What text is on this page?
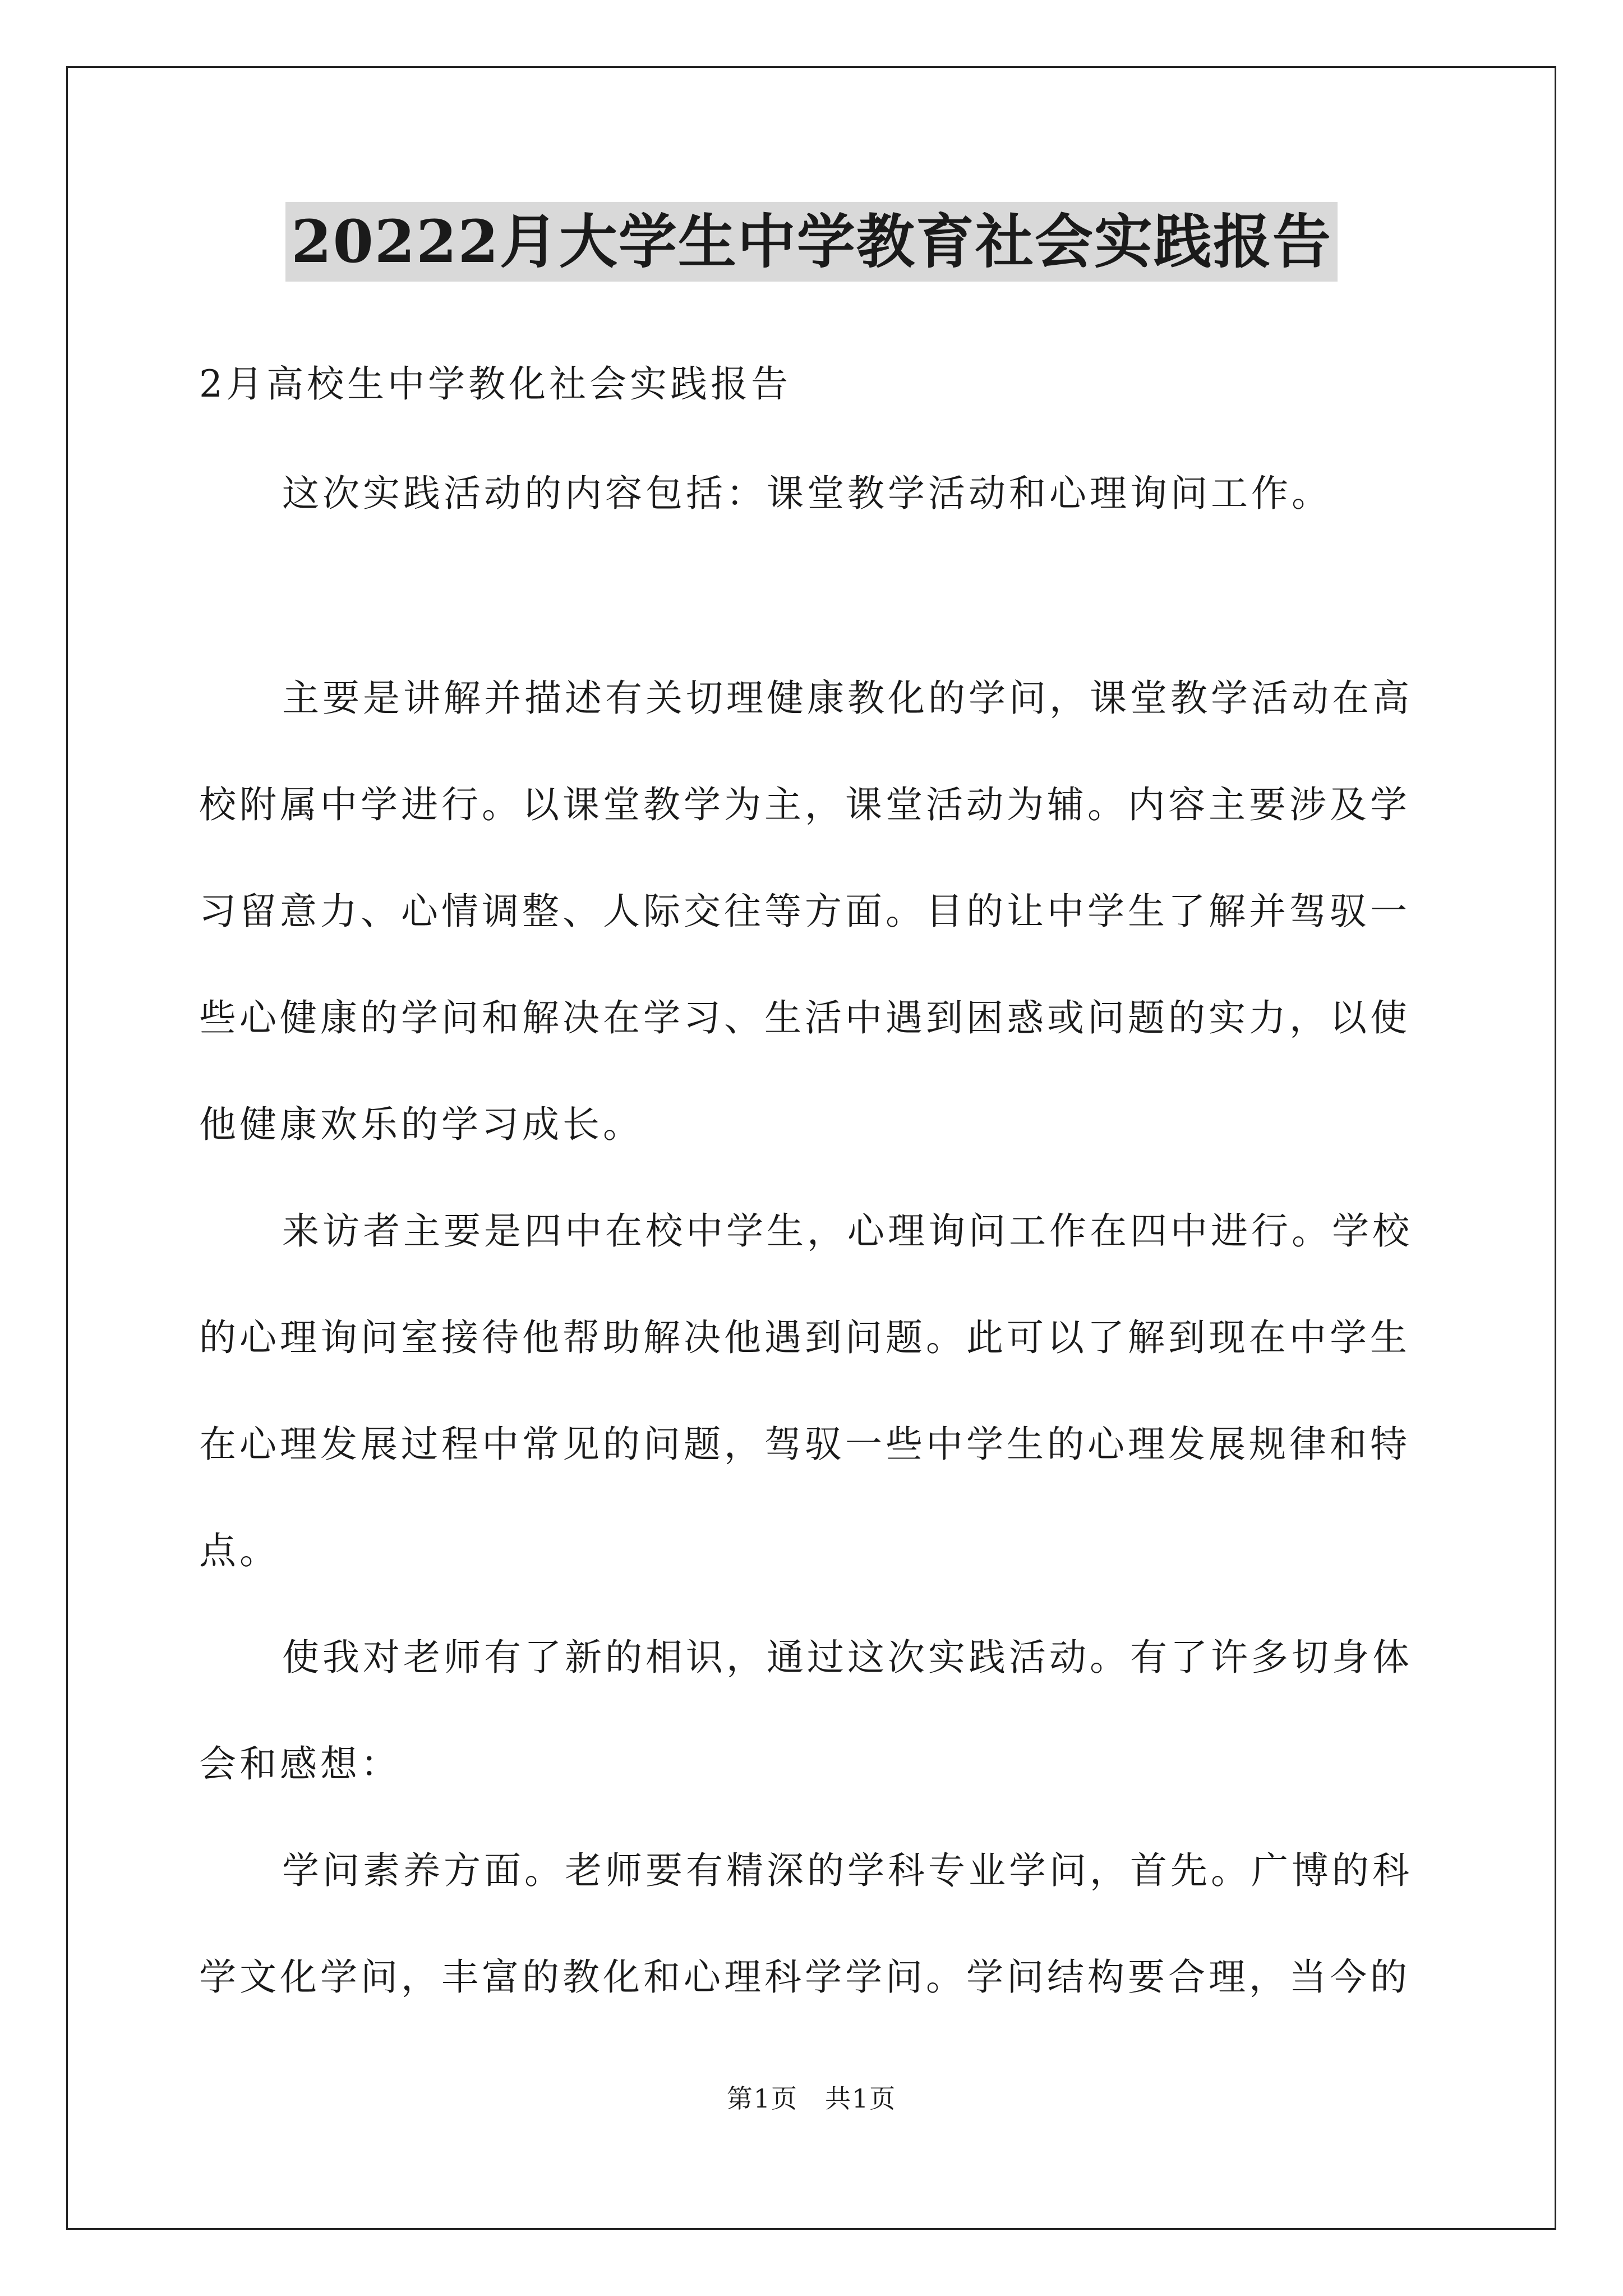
20222月大学生中学教育社会实践报告
2月高校生中学教化社会实践报告

这次实践活动的内容包括：课堂教学活动和心理询问工作。

主要是讲解并描述有关切理健康教化的学问，课堂教学活动在高校附属中学进行。以课堂教学为主，课堂活动为辅。内容主要涉及学习留意力、心情调整、人际交往等方面。目的让中学生了解并驾驭一些心健康的学问和解决在学习、生活中遇到困惑或问题的实力，以使他健康欢乐的学习成长。

来访者主要是四中在校中学生，心理询问工作在四中进行。学校的心理询问室接待他帮助解决他遇到问题。此可以了解到现在中学生在心理发展过程中常见的问题，驾驭一些中学生的心理发展规律和特点。

使我对老师有了新的相识，通过这次实践活动。有了许多切身体会和感想：

学问素养方面。老师要有精深的学科专业学问，首先。广博的科学文化学问，丰富的教化和心理科学学问。学问结构要合理，当今的

第1页　共1页
